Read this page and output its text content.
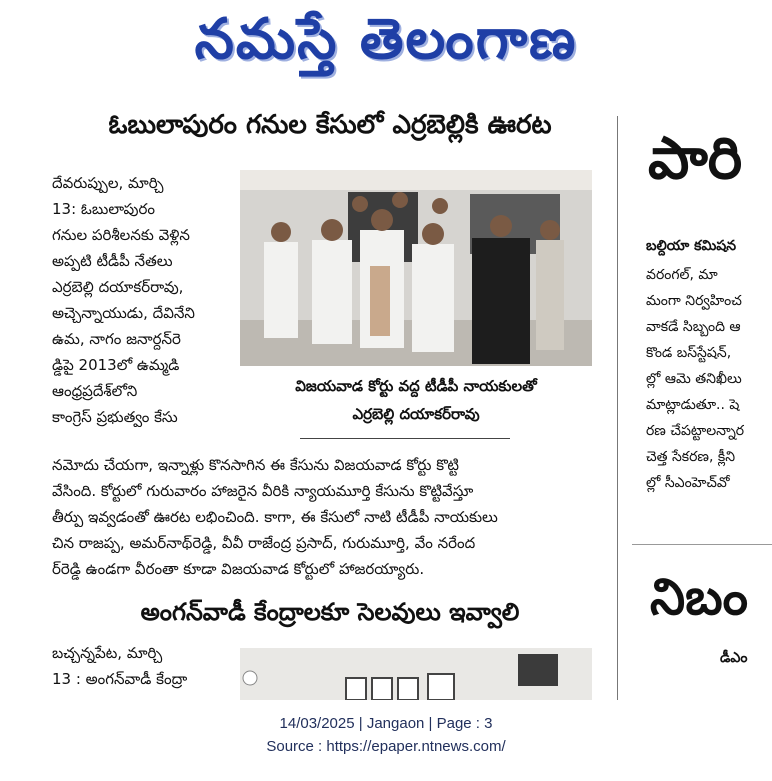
నమస్తే తెలంగాణ
ఓబులాపురం గనుల కేసులో ఎర్రబెల్లికి ఊరట

దేవరుప్పుల, మార్చి

13: ఓబులాపురం

గనుల పరిశీలనకు వెళ్లిన

అప్పటి టీడీపీ నేతలు

ఎర్రబెల్లి దయాకర్‌రావు,

అచ్చెన్నాయుడు, దేవినేని

ఉమ, నాగం జనార్దన్‌రె

డ్డిపై 2013లో ఉమ్మడి

ఆంధ్రప్రదేశ్‌లోని

కాంగ్రెస్ ప్రభుత్వం కేసు

విజయవాడ కోర్టు వద్ద టీడీపీ నాయకులతో
ఎర్రబెల్లి దయాకర్‌రావు

నమోదు చేయగా, ఇన్నాళ్లు కొనసాగిన ఈ కేసును విజయవాడ కోర్టు కొట్టి

వేసింది. కోర్టులో గురువారం హాజరైన వీరికి న్యాయమూర్తి కేసును కొట్టివేస్తూ

తీర్పు ఇవ్వడంతో ఊరట లభించింది. కాగా, ఈ కేసులో నాటి టీడీపీ నాయకులు

చిన రాజప్ప, అమర్‌నాథ్‌రెడ్డి, వీవీ రాజేంద్ర ప్రసాద్, గురుమూర్తి, వేం నరేంద

ర్‌రెడ్డి ఉండగా వీరంతా కూడా విజయవాడ కోర్టులో హాజరయ్యారు.

అంగన్‌వాడీ కేంద్రాలకూ సెలవులు ఇవ్వాలి

బచ్చన్నపేట, మార్చి

13 : అంగన్‌వాడీ కేంద్రా

పారి
బల్దియా కమిషన

వరంగల్, మా

మంగా నిర్వహించ

వాకడే సిబ్బంది ఆ

కొండ బస్‌స్టేషన్,

ల్లో ఆమె తనిఖీలు

మాట్లాడుతూ.. షె

రణ చేపట్టాలన్నార

చెత్త సేకరణ, క్లీని

ల్లో సీఎంహెచ్‌వో

నిబం
డీఎం
14/03/2025 | Jangaon | Page : 3
Source : https://epaper.ntnews.com/
